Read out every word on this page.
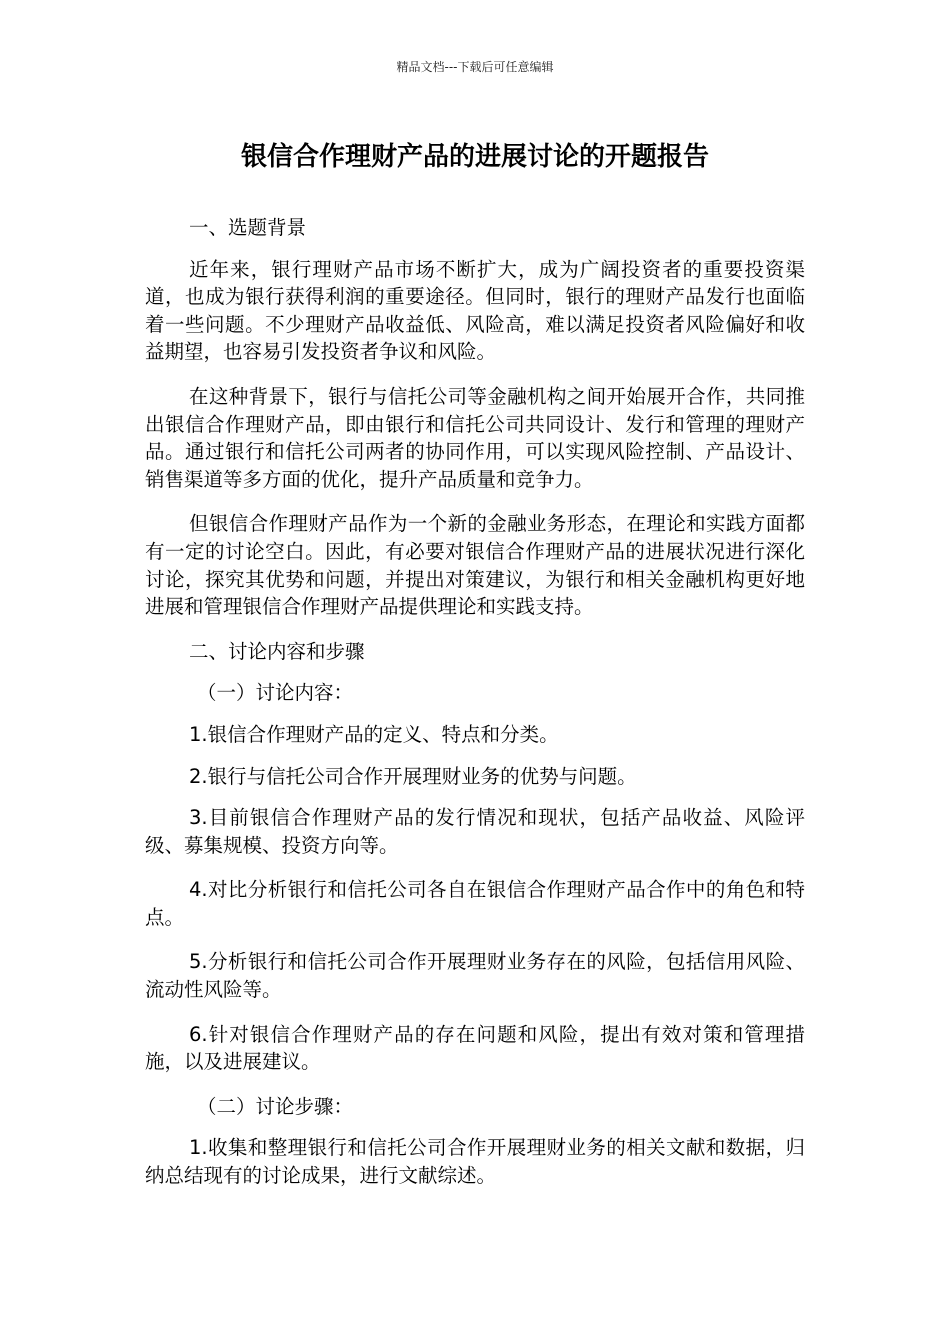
精品文档---下载后可任意编辑
银信合作理财产品的进展讨论的开题报告

一、选题背景

近年来，银行理财产品市场不断扩大，成为广阔投资者的重要投资渠道，也成为银行获得利润的重要途径。但同时，银行的理财产品发行也面临着一些问题。不少理财产品收益低、风险高，难以满足投资者风险偏好和收益期望，也容易引发投资者争议和风险。

在这种背景下，银行与信托公司等金融机构之间开始展开合作，共同推出银信合作理财产品，即由银行和信托公司共同设计、发行和管理的理财产品。通过银行和信托公司两者的协同作用，可以实现风险控制、产品设计、销售渠道等多方面的优化，提升产品质量和竞争力。

但银信合作理财产品作为一个新的金融业务形态，在理论和实践方面都有一定的讨论空白。因此，有必要对银信合作理财产品的进展状况进行深化讨论，探究其优势和问题，并提出对策建议，为银行和相关金融机构更好地进展和管理银信合作理财产品提供理论和实践支持。

二、讨论内容和步骤

（一）讨论内容：

1.银信合作理财产品的定义、特点和分类。

2.银行与信托公司合作开展理财业务的优势与问题。

3.目前银信合作理财产品的发行情况和现状，包括产品收益、风险评级、募集规模、投资方向等。

4.对比分析银行和信托公司各自在银信合作理财产品合作中的角色和特点。

5.分析银行和信托公司合作开展理财业务存在的风险，包括信用风险、流动性风险等。

6.针对银信合作理财产品的存在问题和风险，提出有效对策和管理措施，以及进展建议。

（二）讨论步骤：

1.收集和整理银行和信托公司合作开展理财业务的相关文献和数据，归纳总结现有的讨论成果，进行文献综述。
